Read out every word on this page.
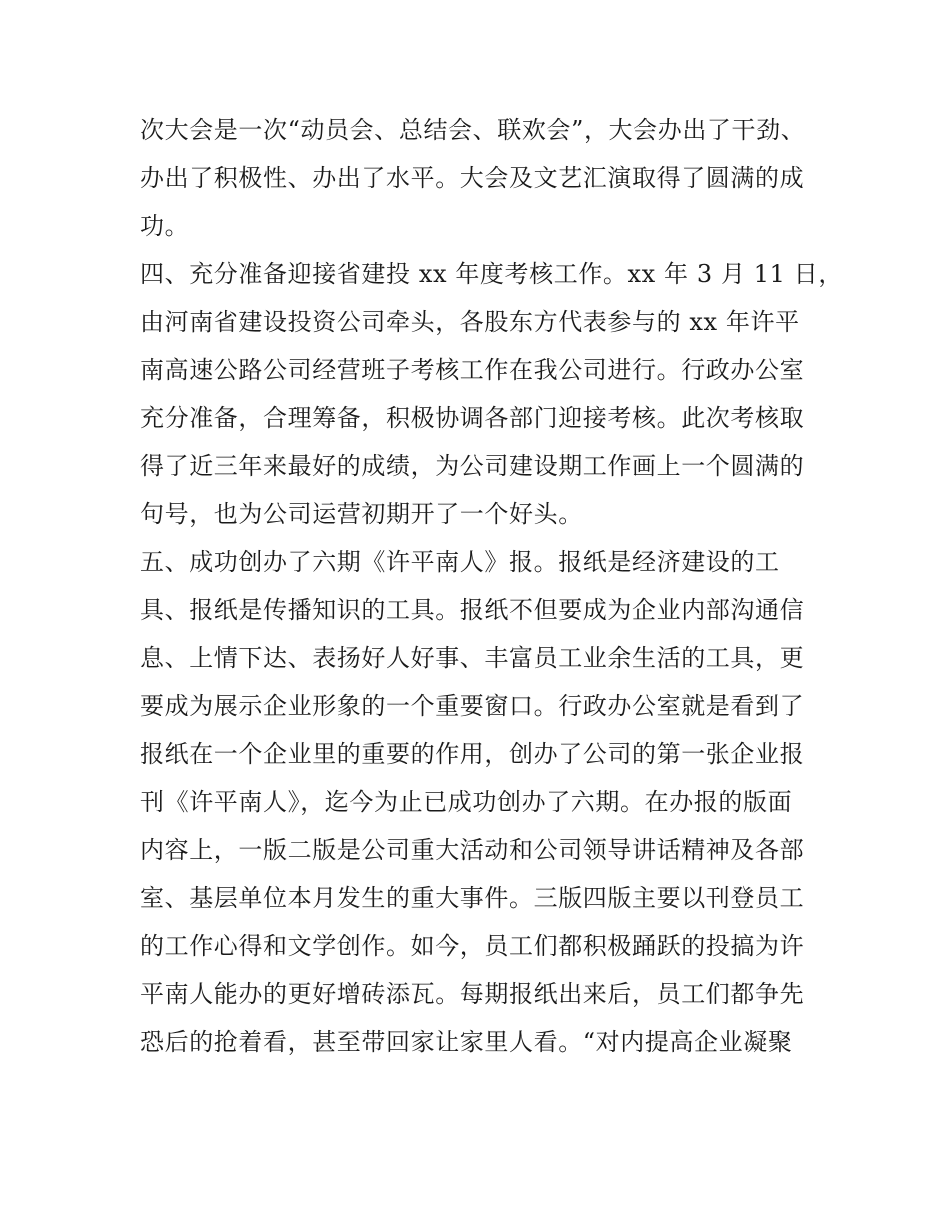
次大会是一次“动员会、总结会、联欢会”，大会办出了干劲、
办出了积极性、办出了水平。大会及文艺汇演取得了圆满的成
功。
四、充分准备迎接省建投 xx 年度考核工作。xx 年 3 月 11 日，
由河南省建设投资公司牵头，各股东方代表参与的 xx 年许平
南高速公路公司经营班子考核工作在我公司进行。行政办公室
充分准备，合理筹备，积极协调各部门迎接考核。此次考核取
得了近三年来最好的成绩，为公司建设期工作画上一个圆满的
句号，也为公司运营初期开了一个好头。
五、成功创办了六期《许平南人》报。报纸是经济建设的工
具、报纸是传播知识的工具。报纸不但要成为企业内部沟通信
息、上情下达、表扬好人好事、丰富员工业余生活的工具，更
要成为展示企业形象的一个重要窗口。行政办公室就是看到了
报纸在一个企业里的重要的作用，创办了公司的第一张企业报
刊《许平南人》，迄今为止已成功创办了六期。在办报的版面
内容上，一版二版是公司重大活动和公司领导讲话精神及各部
室、基层单位本月发生的重大事件。三版四版主要以刊登员工
的工作心得和文学创作。如今，员工们都积极踊跃的投搞为许
平南人能办的更好增砖添瓦。每期报纸出来后，员工们都争先
恐后的抢着看，甚至带回家让家里人看。“对内提高企业凝聚
